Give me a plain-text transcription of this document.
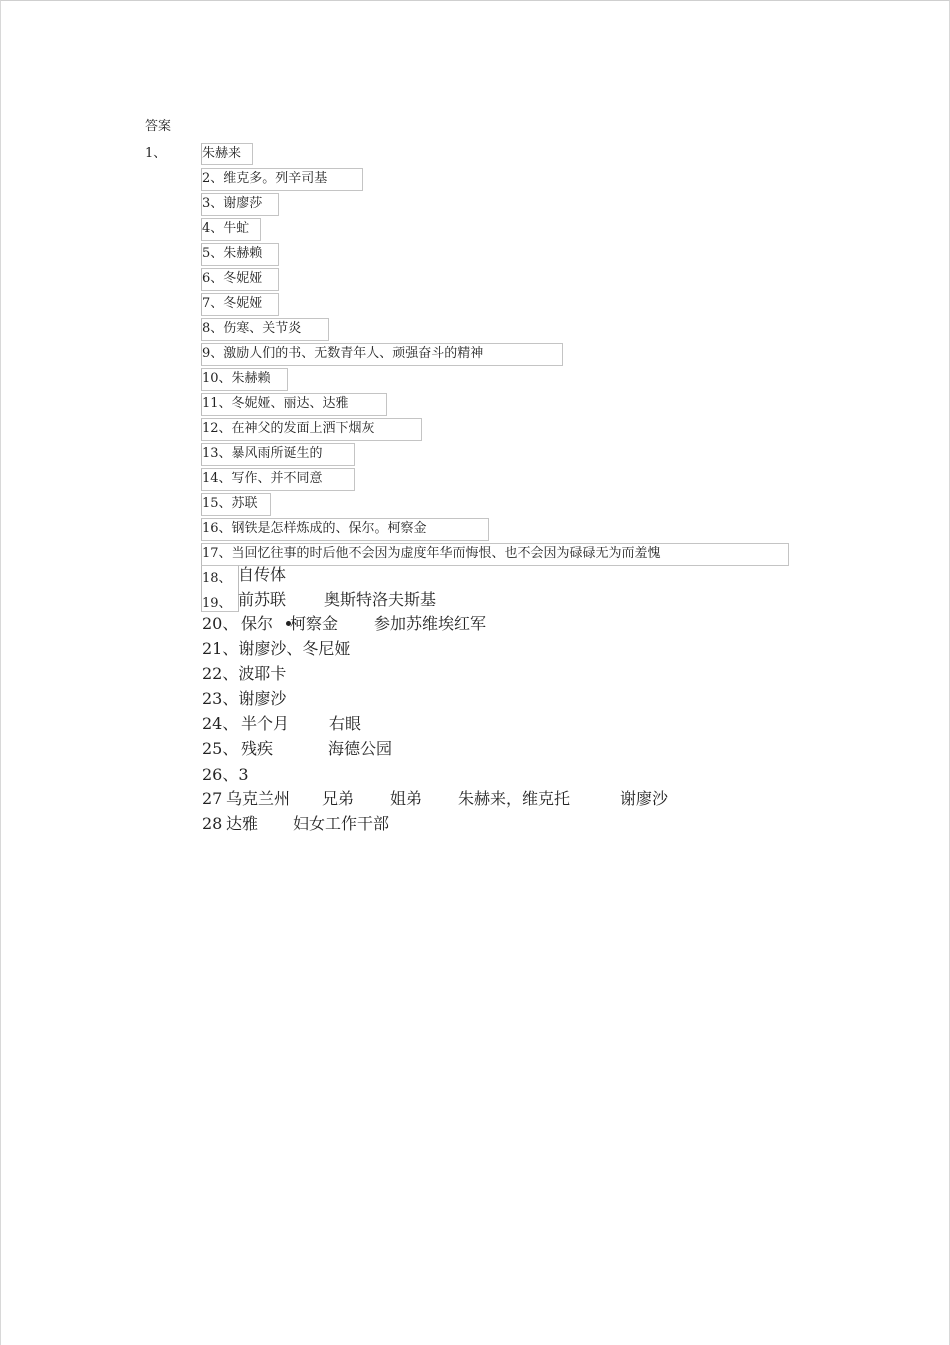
答案
1、	朱赫来
2、维克多。列辛司基
3、谢廖莎
4、牛虻
5、朱赫赖
6、冬妮娅
7、冬妮娅
8、伤寒、关节炎
9、激励人们的书、无数青年人、顽强奋斗的精神
10、朱赫赖
11、冬妮娅、丽达、达雅
12、在神父的发面上洒下烟灰
13、暴风雨所诞生的
14、写作、并不同意
15、苏联
16、钢铁是怎样炼成的、保尔。柯察金
17、当回忆往事的时后他不会因为虚度年华而悔恨、也不会因为碌碌无为而羞愧
18、 自传体
19、 前苏联 奥斯特洛夫斯基
20、 保尔 柯察金 参加苏维埃红军
21、谢廖沙、冬尼娅
22、波耶卡
23、谢廖沙
24、 半个月 右眼
25、 残疾	海德公园
26、3
27 乌克兰州 兄弟 姐弟 朱赫来，维克托	谢廖沙
28 达雅 妇女工作干部
